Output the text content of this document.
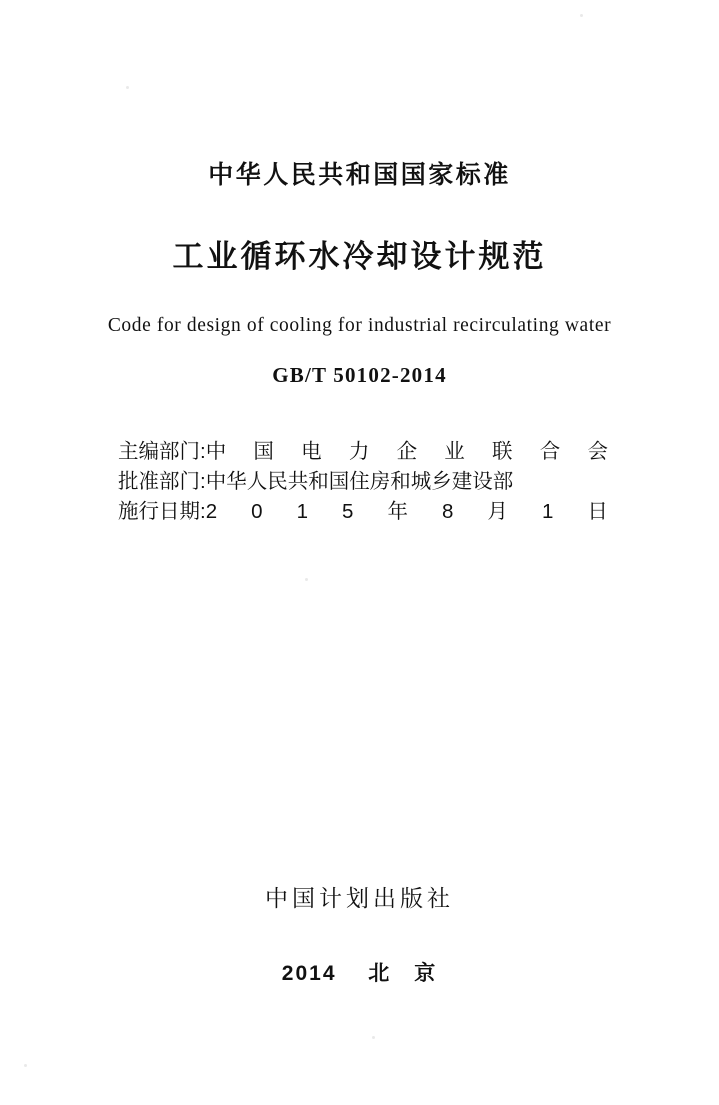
中华人民共和国国家标准
工业循环水冷却设计规范
Code for design of cooling for industrial recirculating water
GB/T 50102-2014
主编部门: 中 国 电 力 企 业 联 合 会
批准部门: 中华人民共和国住房和城乡建设部
施行日期: 2 0 1 5 年 8 月 1 日
中国计划出版社
2014 北　京
